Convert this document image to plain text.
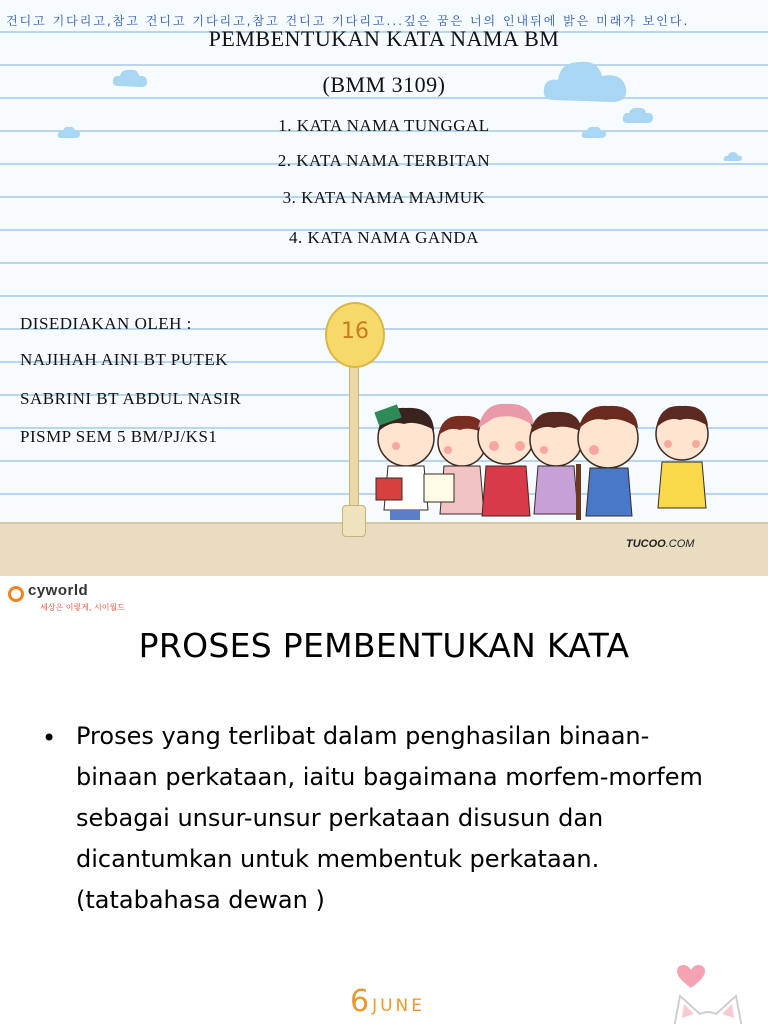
건디고 기다리고,참고 건디고 기다리고,참고 건디고 기다리고...깊은 꿈은 너의 인내뒤에 밝은 미래가 보인다.
PEMBENTUKAN KATA NAMA BM
(BMM 3109)
1. KATA NAMA TUNGGAL
2. KATA NAMA TERBITAN
3. KATA NAMA MAJMUK
4. KATA NAMA GANDA
DISEDIAKAN OLEH :
NAJIHAH AINI BT PUTEK
SABRINI BT ABDUL NASIR
PISMP SEM 5 BM/PJ/KS1
16
TUCOO.COM
cyworld
세상은 이렇게, 시이월드
PROSES PEMBENTUKAN KATA
• Proses yang terlibat dalam penghasilan binaan-binaan perkataan, iaitu bagaimana morfem-morfem sebagai unsur-unsur perkataan disusun dan dicantumkan untuk membentuk perkataan. (tatabahasa dewan )
6 JUNE
